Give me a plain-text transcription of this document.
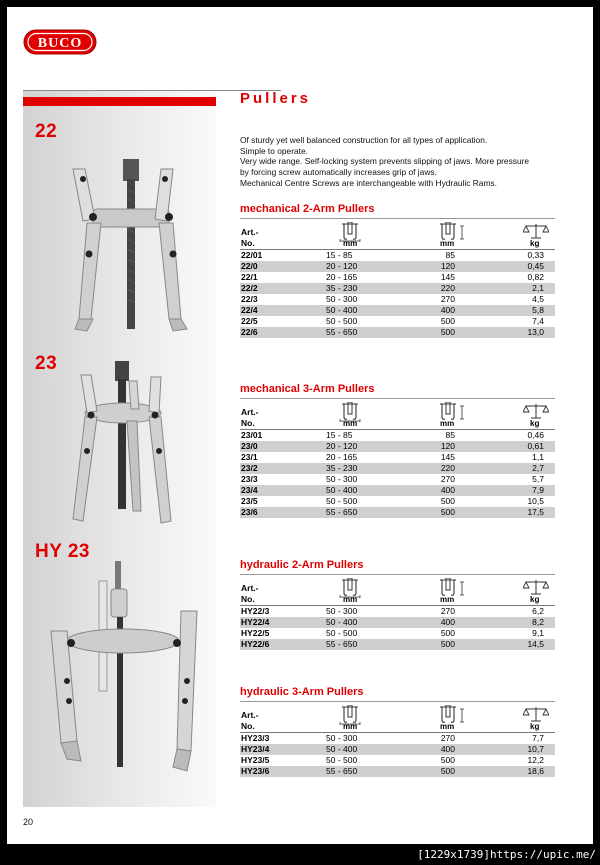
BUCO
22
23
HY 23
Pullers
Of sturdy yet well balanced construction for all types of application.
Simple to operate.
Very wide range. Self-locking system prevents slipping of jaws. More pressure
by forcing screw automatically increases grip of jaws.
Mechanical Centre Screws are interchangeable with Hydraulic Rams.
mechanical 2-Arm Pullers
Art.-
No.	mm	mm	kg
22/01	15 - 85	85	0,33
22/0	20 - 120	120	0,45
22/1	20 - 165	145	0,82
22/2	35 - 230	220	2,1
22/3	50 - 300	270	4,5
22/4	50 - 400	400	5,8
22/5	50 - 500	500	7,4
22/6	55 - 650	500	13,0
mechanical 3-Arm Pullers
Art.-
No.	mm	mm	kg
23/01	15 - 85	85	0,46
23/0	20 - 120	120	0,61
23/1	20 - 165	145	1,1
23/2	35 - 230	220	2,7
23/3	50 - 300	270	5,7
23/4	50 - 400	400	7,9
23/5	50 - 500	500	10,5
23/6	55 - 650	500	17,5
hydraulic 2-Arm Pullers
Art.-
No.	mm	mm	kg
HY22/3	50 - 300	270	6,2
HY22/4	50 - 400	400	8,2
HY22/5	50 - 500	500	9,1
HY22/6	55 - 650	500	14,5
hydraulic 3-Arm Pullers
Art.-
No.	mm	mm	kg
HY23/3	50 - 300	270	7,7
HY23/4	50 - 400	400	10,7
HY23/5	50 - 500	500	12,2
HY23/6	55 - 650	500	18,6
20
[1229x1739]https://upic.me/
